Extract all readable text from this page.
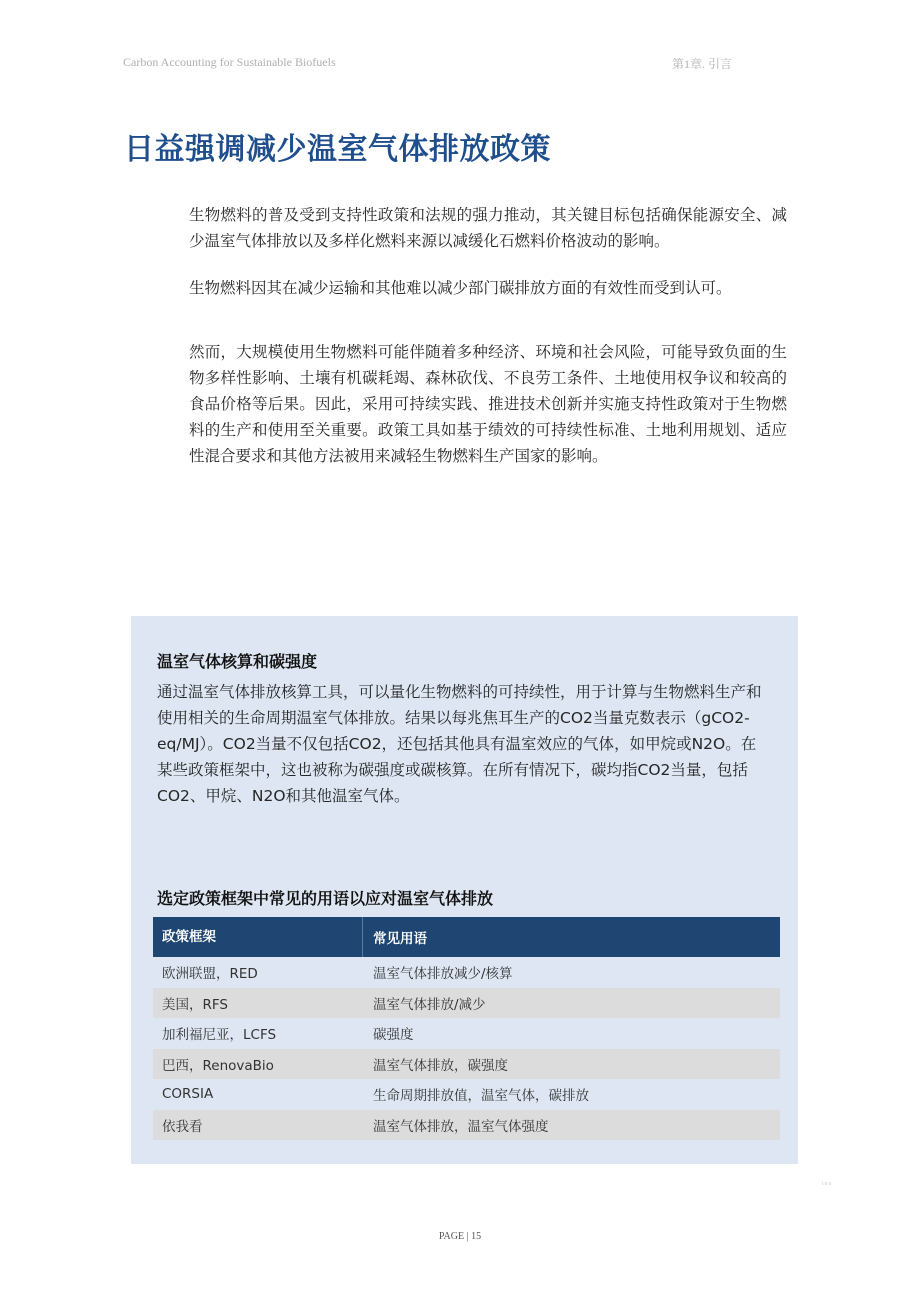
Carbon Accounting for Sustainable Biofuels	第1章. 引言
日益强调减少温室气体排放政策

生物燃料的普及受到支持性政策和法规的强力推动，其关键目标包括确保能源安全、减少温室气体排放以及多样化燃料来源以减缓化石燃料价格波动的影响。

生物燃料因其在减少运输和其他难以减少部门碳排放方面的有效性而受到认可。

然而，大规模使用生物燃料可能伴随着多种经济、环境和社会风险，可能导致负面的生物多样性影响、土壤有机碳耗竭、森林砍伐、不良劳工条件、土地使用权争议和较高的食品价格等后果。因此，采用可持续实践、推进技术创新并实施支持性政策对于生物燃料的生产和使用至关重要。政策工具如基于绩效的可持续性标准、土地利用规划、适应性混合要求和其他方法被用来减轻生物燃料生产国家的影响。

温室气体核算和碳强度

通过温室气体排放核算工具，可以量化生物燃料的可持续性，用于计算与生物燃料生产和使用相关的生命周期温室气体排放。结果以每兆焦耳生产的CO2当量克数表示（gCO2-eq/MJ）。CO2当量不仅包括CO2，还包括其他具有温室效应的气体，如甲烷或N2O。在某些政策框架中，这也被称为碳强度或碳核算。在所有情况下，碳均指CO2当量，包括CO2、甲烷、N2O和其他温室气体。

选定政策框架中常见的用语以应对温室气体排放
政策框架	常见用语
欧洲联盟，RED	温室气体排放减少/核算
美国，RFS	温室气体排放/减少
加利福尼亚，LCFS	碳强度
巴西，RenovaBio	温室气体排放，碳强度
CORSIA	生命周期排放值，温室气体，碳排放
依我看	温室气体排放，温室气体强度
iea
PAGE | 15
